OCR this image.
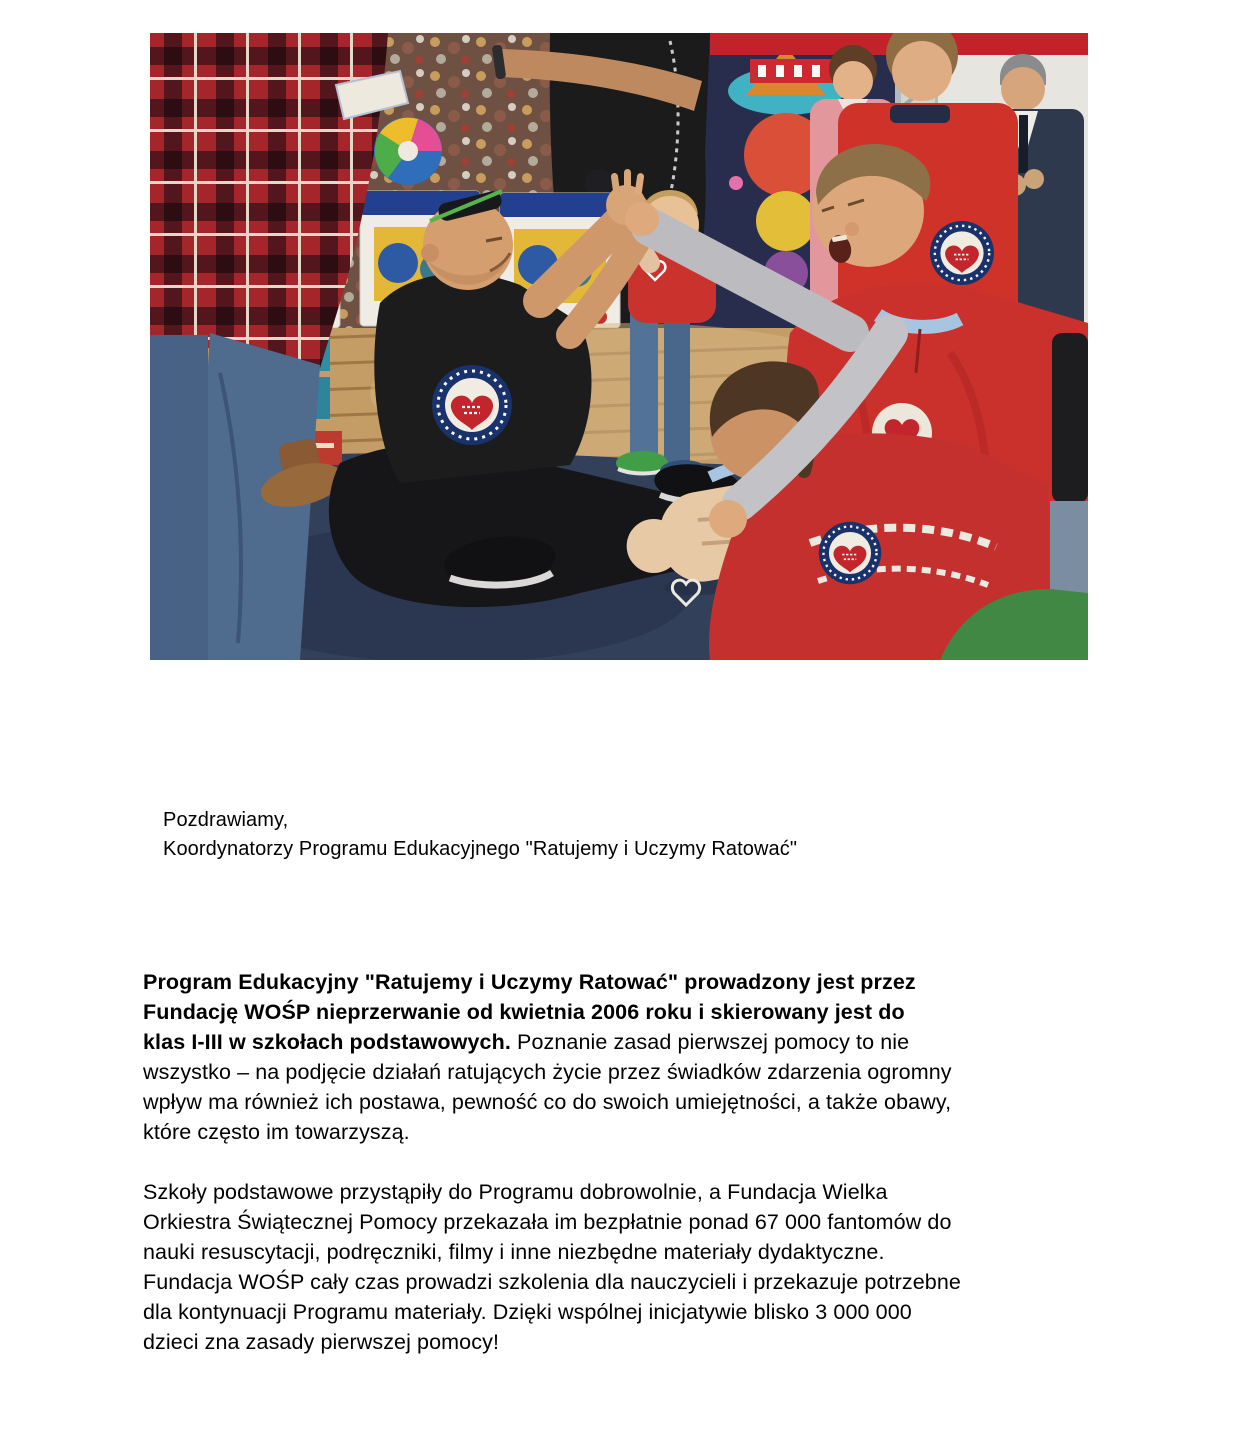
Pozdrawiamy,
Koordynatorzy Programu Edukacyjnego "Ratujemy i Uczymy Ratować"

Program Edukacyjny "Ratujemy i Uczymy Ratować" prowadzony jest przez
Fundację WOŚP nieprzerwanie od kwietnia 2006 roku i skierowany jest do
klas I-III w szkołach podstawowych. Poznanie zasad pierwszej pomocy to nie
wszystko – na podjęcie działań ratujących życie przez świadków zdarzenia ogromny
wpływ ma również ich postawa, pewność co do swoich umiejętności, a także obawy,
które często im towarzyszą.

Szkoły podstawowe przystąpiły do Programu dobrowolnie, a Fundacja Wielka
Orkiestra Świątecznej Pomocy przekazała im bezpłatnie ponad 67 000 fantomów do
nauki resuscytacji, podręczniki, filmy i inne niezbędne materiały dydaktyczne.
Fundacja WOŚP cały czas prowadzi szkolenia dla nauczycieli i przekazuje potrzebne
dla kontynuacji Programu materiały. Dzięki wspólnej inicjatywie blisko 3 000 000
dzieci zna zasady pierwszej pomocy!
